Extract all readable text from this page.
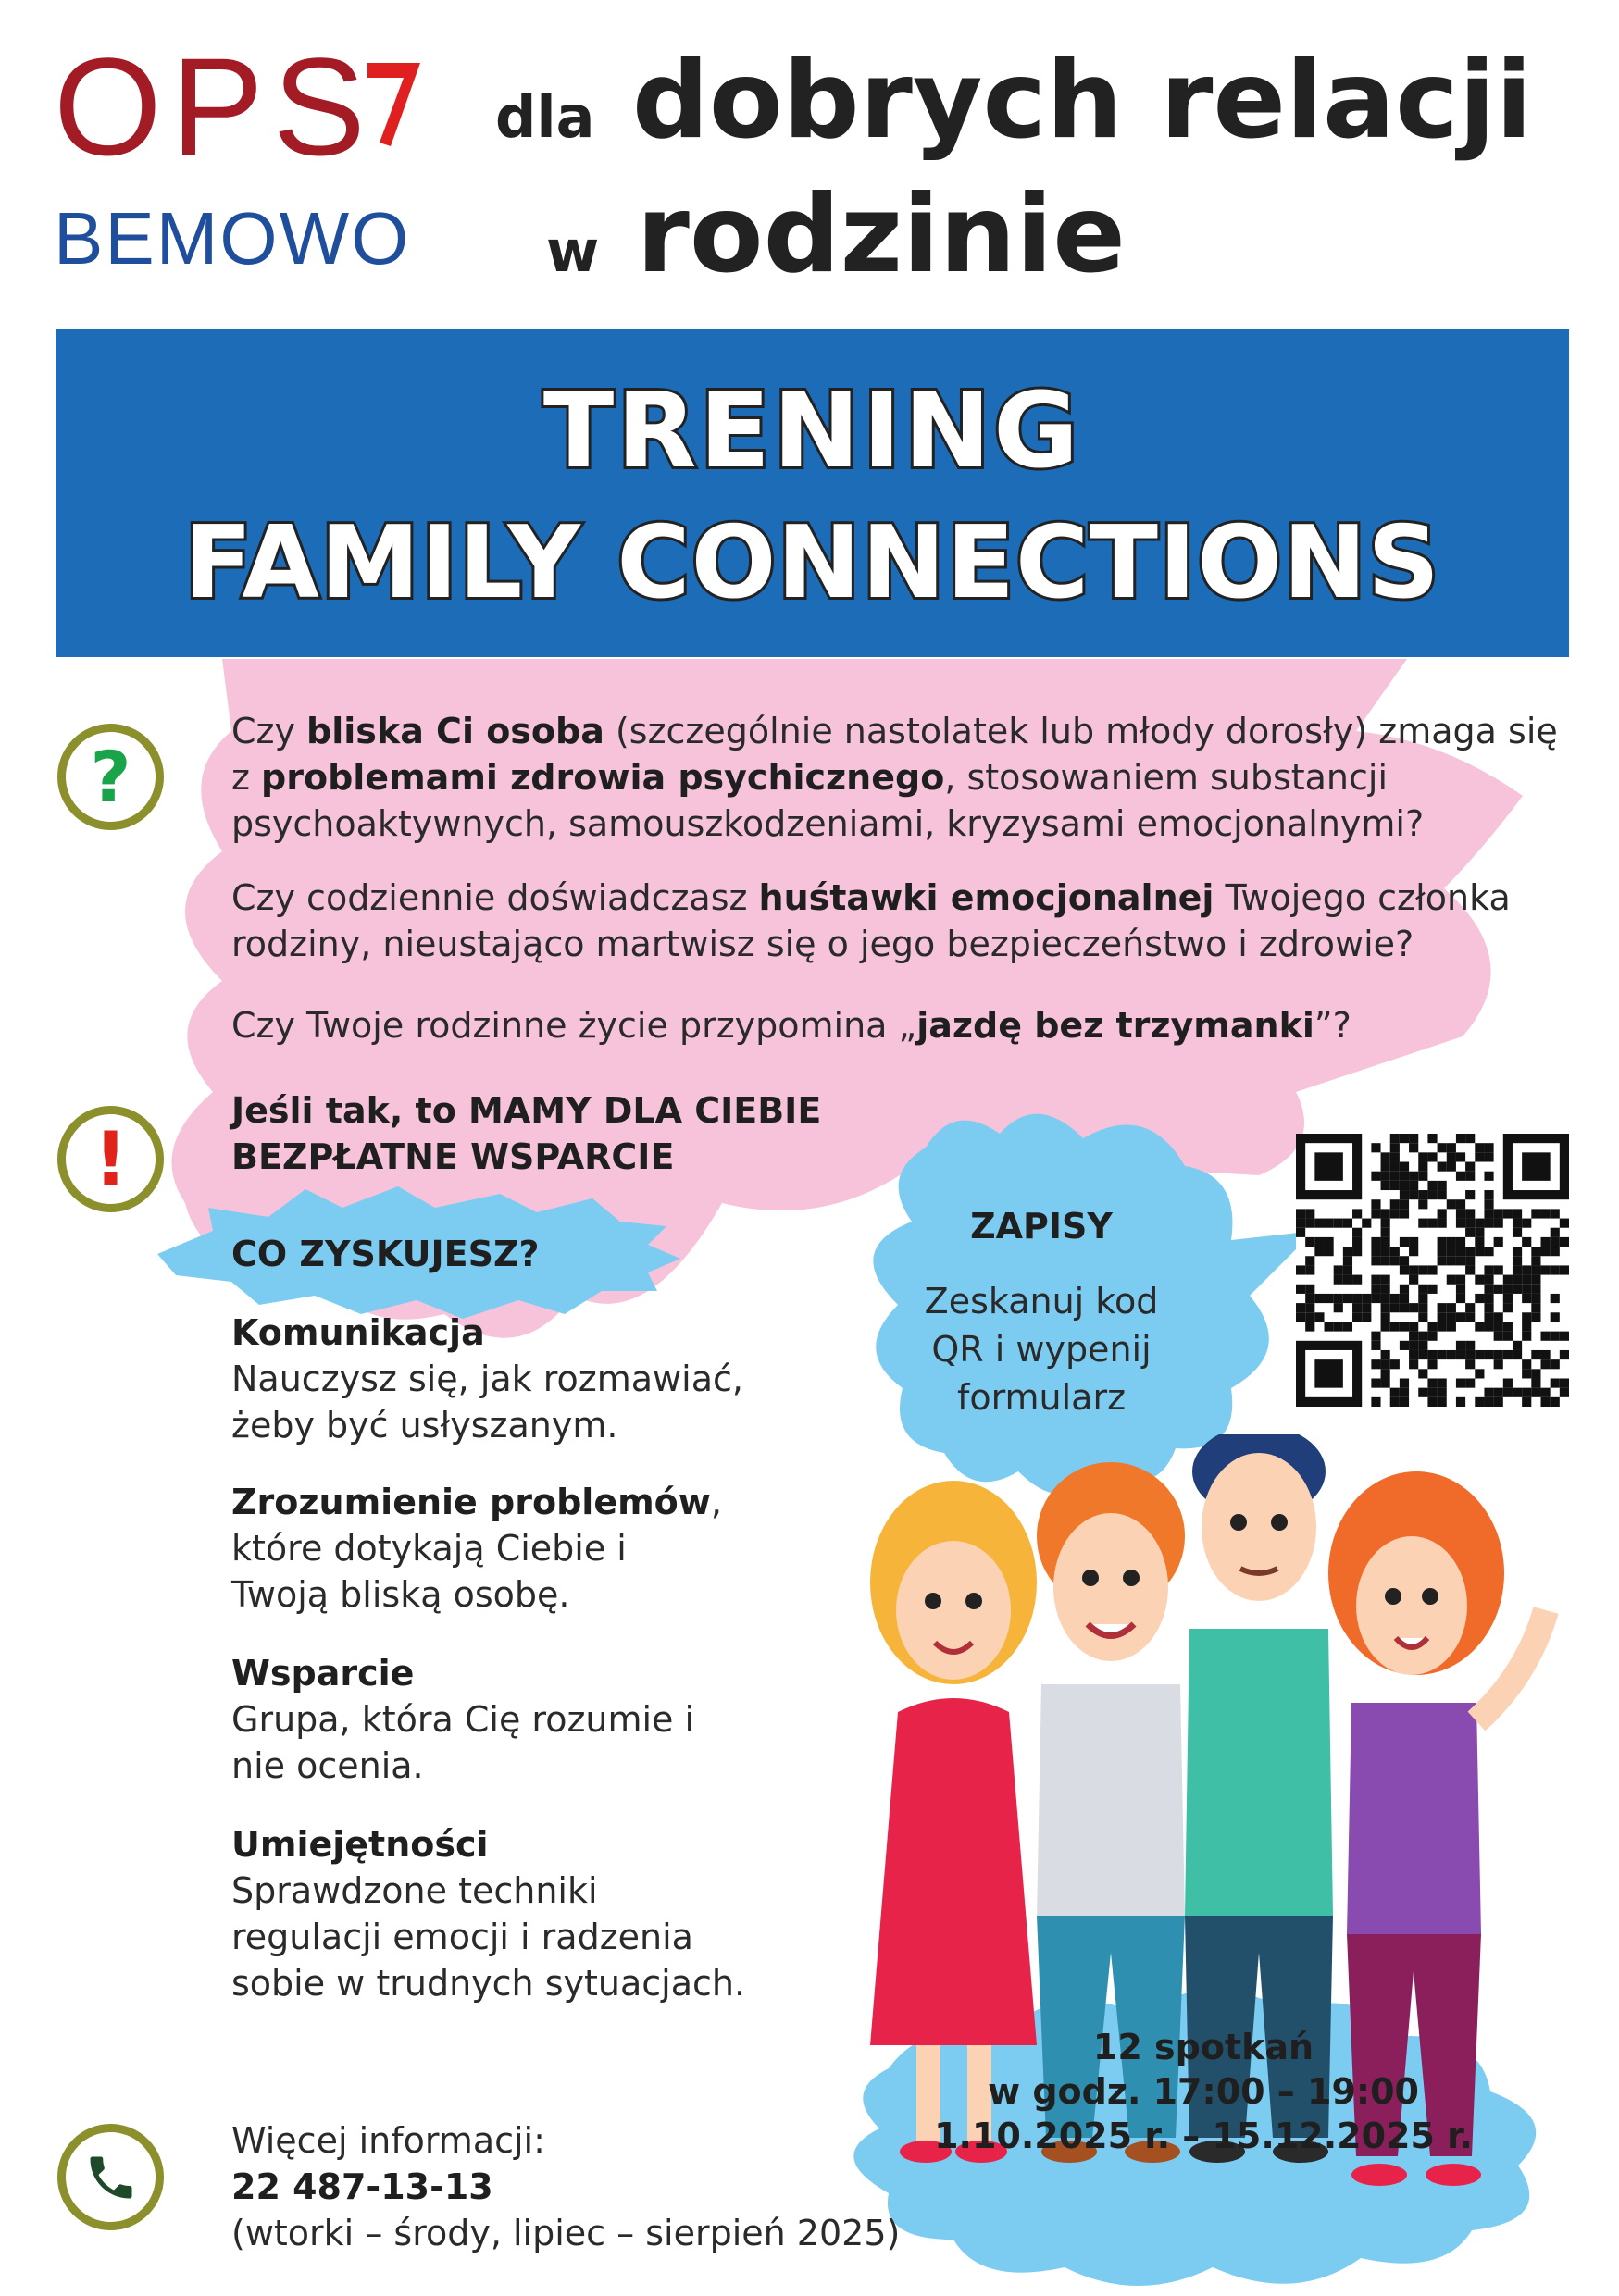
OPS
BEMOWO
dla dobrych relacji
w rodzinie
TRENING
FAMILY CONNECTIONS
?
Czy bliska Ci osoba (szczególnie nastolatek lub młody dorosły) zmaga się z problemami zdrowia psychicznego, stosowaniem substancji psychoaktywnych, samouszkodzeniami, kryzysami emocjonalnymi?
Czy codziennie doświadczasz huśtawki emocjonalnej Twojego członka rodziny, nieustająco martwisz się o jego bezpieczeństwo i zdrowie?
Czy Twoje rodzinne życie przypomina „jazdę bez trzymanki”?
!
Jeśli tak, to MAMY DLA CIEBIE
BEZPŁATNE WSPARCIE
CO ZYSKUJESZ?
Komunikacja
Nauczysz się, jak rozmawiać, żeby być usłyszanym.
Zrozumienie problemów,
które dotykają Ciebie i Twoją bliską osobę.
Wsparcie
Grupa, która Cię rozumie i nie ocenia.
Umiejętności
Sprawdzone techniki regulacji emocji i radzenia sobie w trudnych sytuacjach.
ZAPISY
Zeskanuj kod
QR i wypenij
formularz
12 spotkań
w godz. 17:00 – 19:00
1.10.2025 r. – 15.12.2025 r.
Więcej informacji:
22 487-13-13
(wtorki – środy, lipiec – sierpień 2025)
